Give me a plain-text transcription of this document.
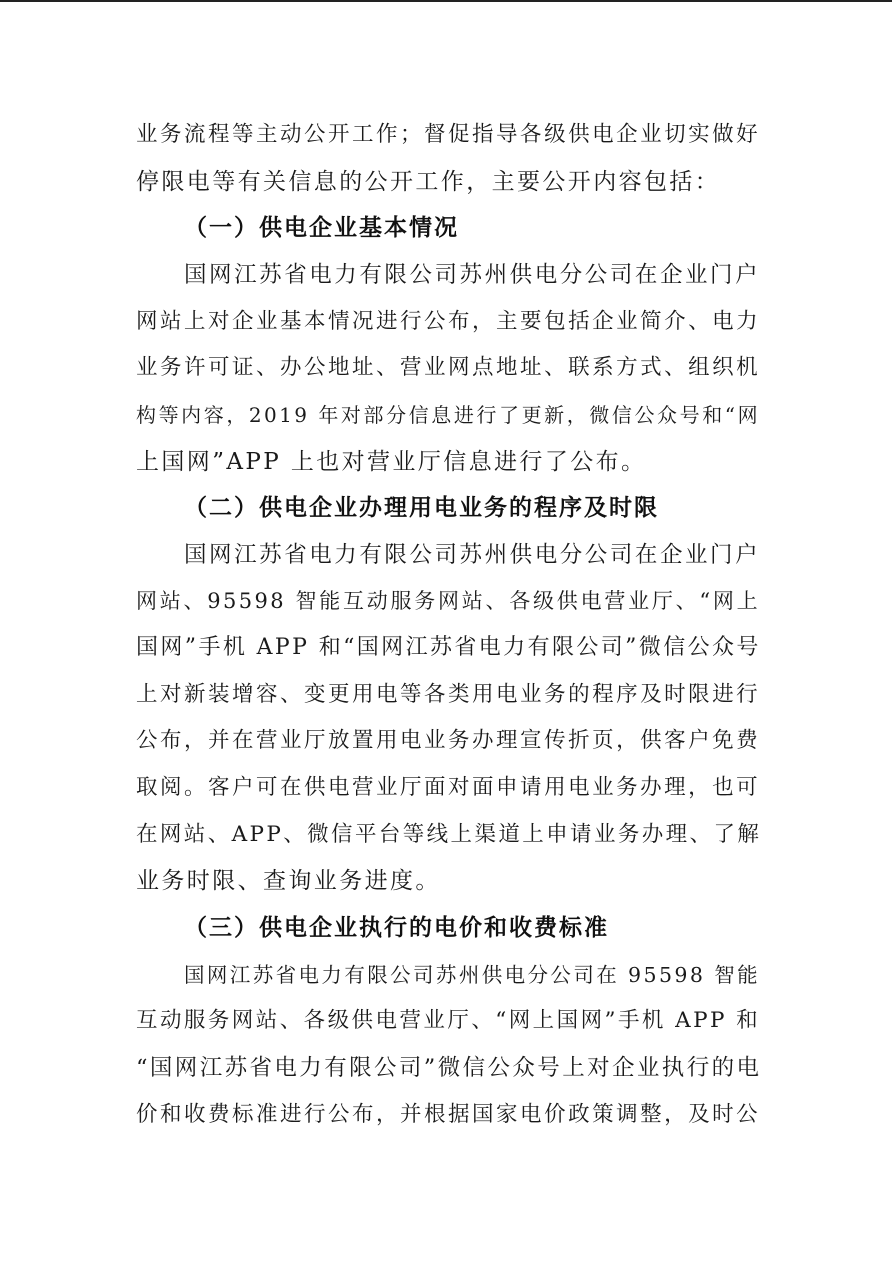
业务流程等主动公开工作；督促指导各级供电企业切实做好
停限电等有关信息的公开工作，主要公开内容包括：
（一）供电企业基本情况
国网江苏省电力有限公司苏州供电分公司在企业门户
网站上对企业基本情况进行公布，主要包括企业简介、电力
业务许可证、办公地址、营业网点地址、联系方式、组织机
构等内容，2019 年对部分信息进行了更新，微信公众号和“网
上国网”APP 上也对营业厅信息进行了公布。
（二）供电企业办理用电业务的程序及时限
国网江苏省电力有限公司苏州供电分公司在企业门户
网站、95598 智能互动服务网站、各级供电营业厅、“网上
国网”手机 APP 和“国网江苏省电力有限公司”微信公众号
上对新装增容、变更用电等各类用电业务的程序及时限进行
公布，并在营业厅放置用电业务办理宣传折页，供客户免费
取阅。客户可在供电营业厅面对面申请用电业务办理，也可
在网站、APP、微信平台等线上渠道上申请业务办理、了解
业务时限、查询业务进度。
（三）供电企业执行的电价和收费标准
国网江苏省电力有限公司苏州供电分公司在 95598 智能
互动服务网站、各级供电营业厅、“网上国网”手机 APP 和
“国网江苏省电力有限公司”微信公众号上对企业执行的电
价和收费标准进行公布，并根据国家电价政策调整，及时公
